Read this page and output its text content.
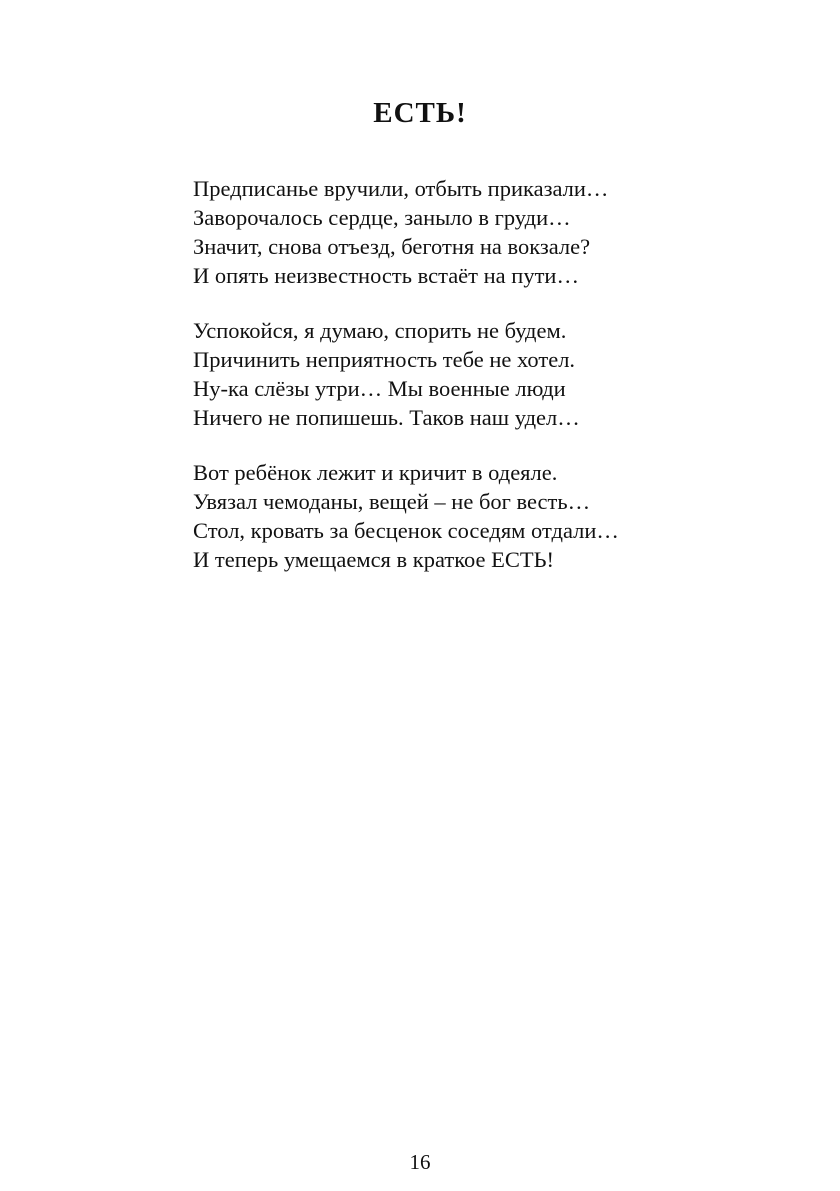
ЕСТЬ!
Предписанье вручили, отбыть приказали…
Заворочалось сердце, заныло в груди…
Значит, снова отъезд, беготня на вокзале?
И опять неизвестность встаёт на пути…
Успокойся, я думаю, спорить не будем.
Причинить неприятность тебе не хотел.
Ну-ка слёзы утри… Мы военные люди
Ничего не попишешь. Таков наш удел…
Вот ребёнок лежит и кричит в одеяле.
Увязал чемоданы, вещей – не бог весть…
Стол, кровать за бесценок соседям отдали…
И теперь умещаемся в краткое ЕСТЬ!
16
